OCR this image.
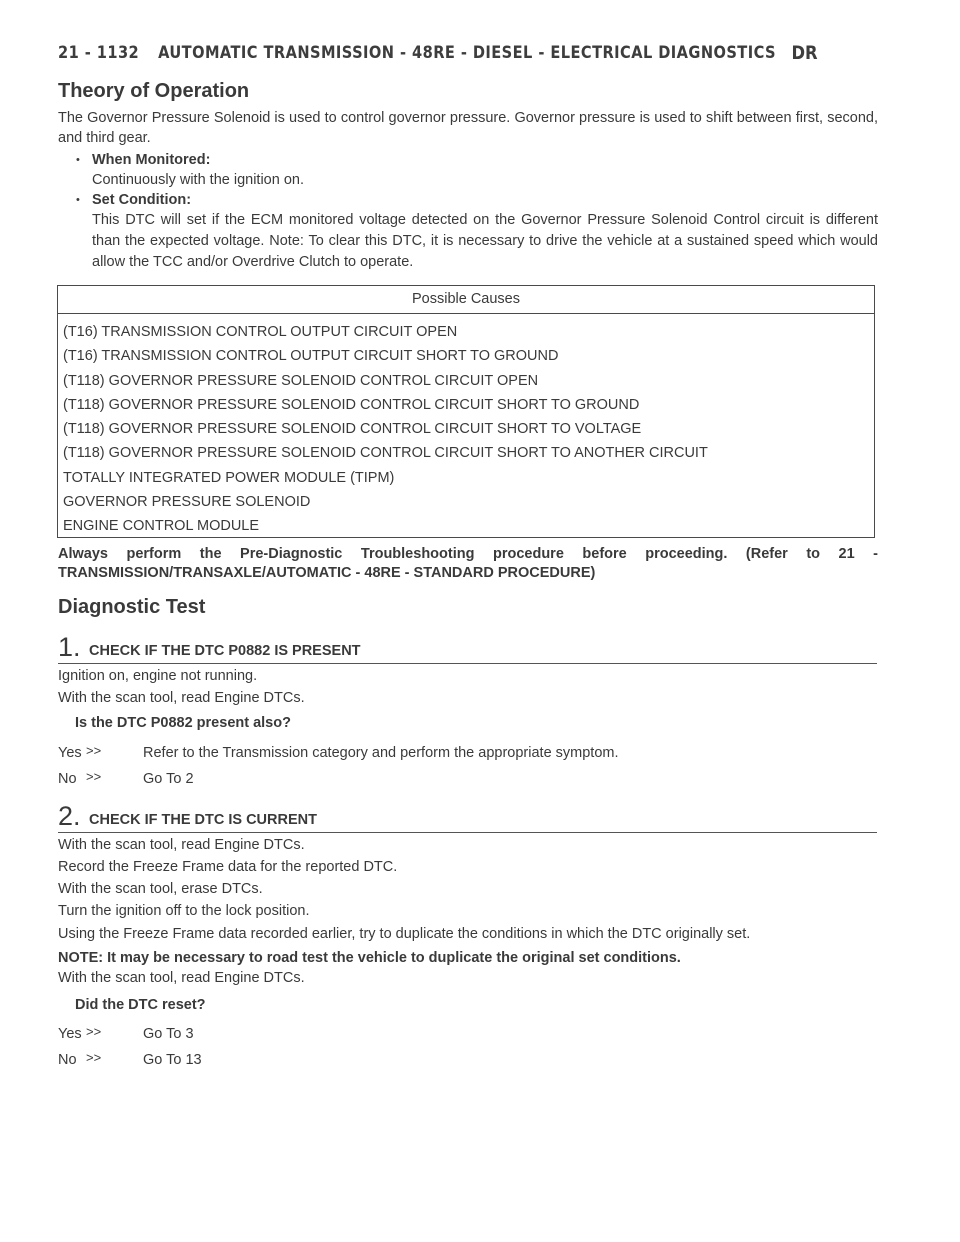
21 - 1132 AUTOMATIC TRANSMISSION - 48RE - DIESEL - ELECTRICAL DIAGNOSTICS DR
Theory of Operation
The Governor Pressure Solenoid is used to control governor pressure. Governor pressure is used to shift between first, second, and third gear.
• When Monitored:
Continuously with the ignition on.
• Set Condition:
This DTC will set if the ECM monitored voltage detected on the Governor Pressure Solenoid Control circuit is different than the expected voltage. Note: To clear this DTC, it is necessary to drive the vehicle at a sustained speed which would allow the TCC and/or Overdrive Clutch to operate.
Possible Causes
(T16) TRANSMISSION CONTROL OUTPUT CIRCUIT OPEN
(T16) TRANSMISSION CONTROL OUTPUT CIRCUIT SHORT TO GROUND
(T118) GOVERNOR PRESSURE SOLENOID CONTROL CIRCUIT OPEN
(T118) GOVERNOR PRESSURE SOLENOID CONTROL CIRCUIT SHORT TO GROUND
(T118) GOVERNOR PRESSURE SOLENOID CONTROL CIRCUIT SHORT TO VOLTAGE
(T118) GOVERNOR PRESSURE SOLENOID CONTROL CIRCUIT SHORT TO ANOTHER CIRCUIT
TOTALLY INTEGRATED POWER MODULE (TIPM)
GOVERNOR PRESSURE SOLENOID
ENGINE CONTROL MODULE
Always perform the Pre-Diagnostic Troubleshooting procedure before proceeding. (Refer to 21 - TRANSMISSION/TRANSAXLE/AUTOMATIC - 48RE - STANDARD PROCEDURE)
Diagnostic Test
1. CHECK IF THE DTC P0882 IS PRESENT
Ignition on, engine not running.
With the scan tool, read Engine DTCs.
Is the DTC P0882 present also?
Yes >>	Refer to the Transmission category and perform the appropriate symptom.
No >>	Go To 2
2. CHECK IF THE DTC IS CURRENT
With the scan tool, read Engine DTCs.
Record the Freeze Frame data for the reported DTC.
With the scan tool, erase DTCs.
Turn the ignition off to the lock position.
Using the Freeze Frame data recorded earlier, try to duplicate the conditions in which the DTC originally set.
NOTE: It may be necessary to road test the vehicle to duplicate the original set conditions.
With the scan tool, read Engine DTCs.
Did the DTC reset?
Yes >>	Go To 3
No >>	Go To 13
